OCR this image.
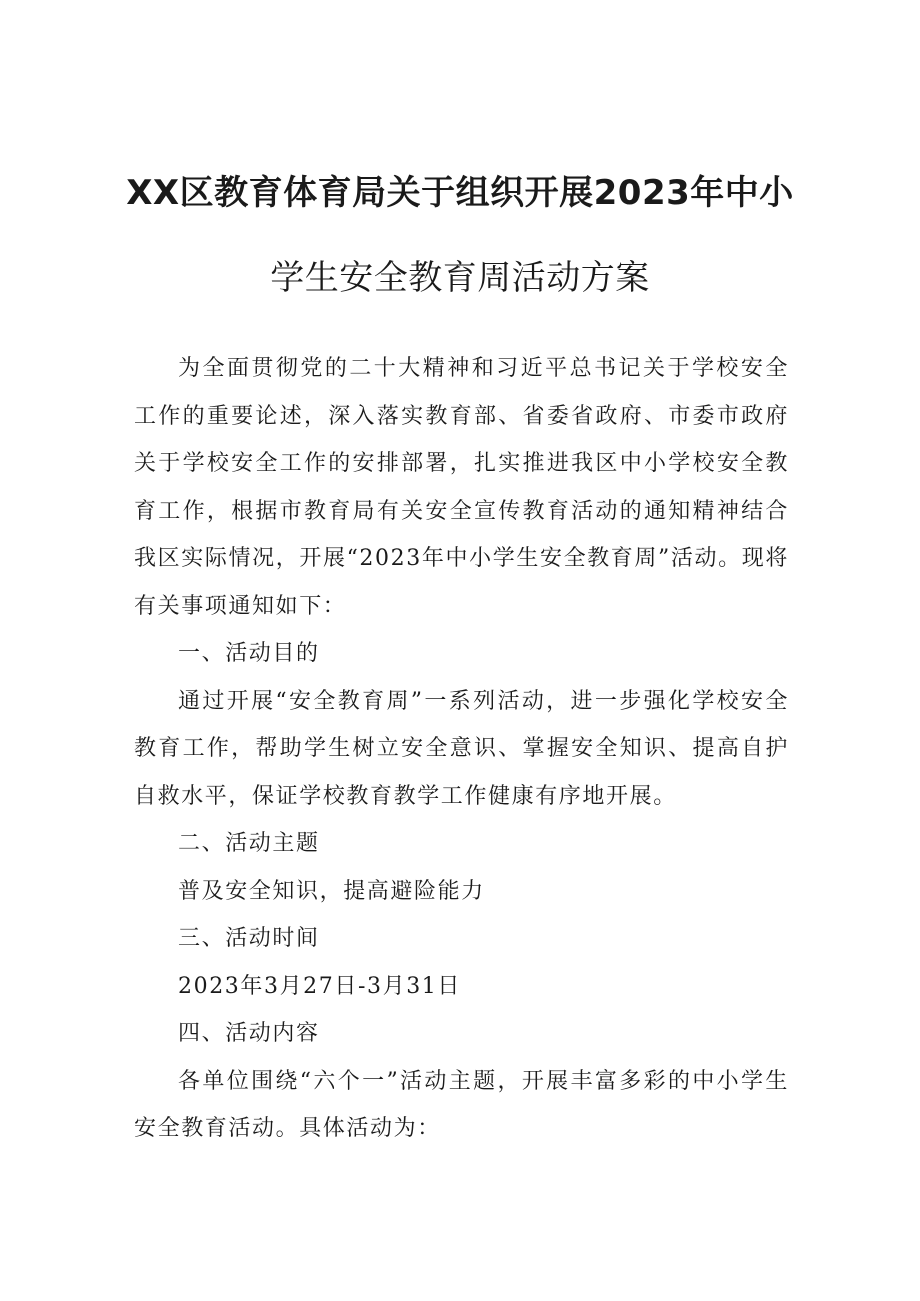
XX区教育体育局关于组织开展2023年中小
学生安全教育周活动方案

为全面贯彻党的二十大精神和习近平总书记关于学校安全工作的重要论述，深入落实教育部、省委省政府、市委市政府关于学校安全工作的安排部署，扎实推进我区中小学校安全教育工作，根据市教育局有关安全宣传教育活动的通知精神结合我区实际情况，开展“2023年中小学生安全教育周”活动。现将有关事项通知如下：

一、活动目的

通过开展“安全教育周”一系列活动，进一步强化学校安全教育工作，帮助学生树立安全意识、掌握安全知识、提高自护自救水平，保证学校教育教学工作健康有序地开展。

二、活动主题

普及安全知识，提高避险能力

三、活动时间

2023年3月27日-3月31日

四、活动内容

各单位围绕“六个一”活动主题，开展丰富多彩的中小学生安全教育活动。具体活动为：
